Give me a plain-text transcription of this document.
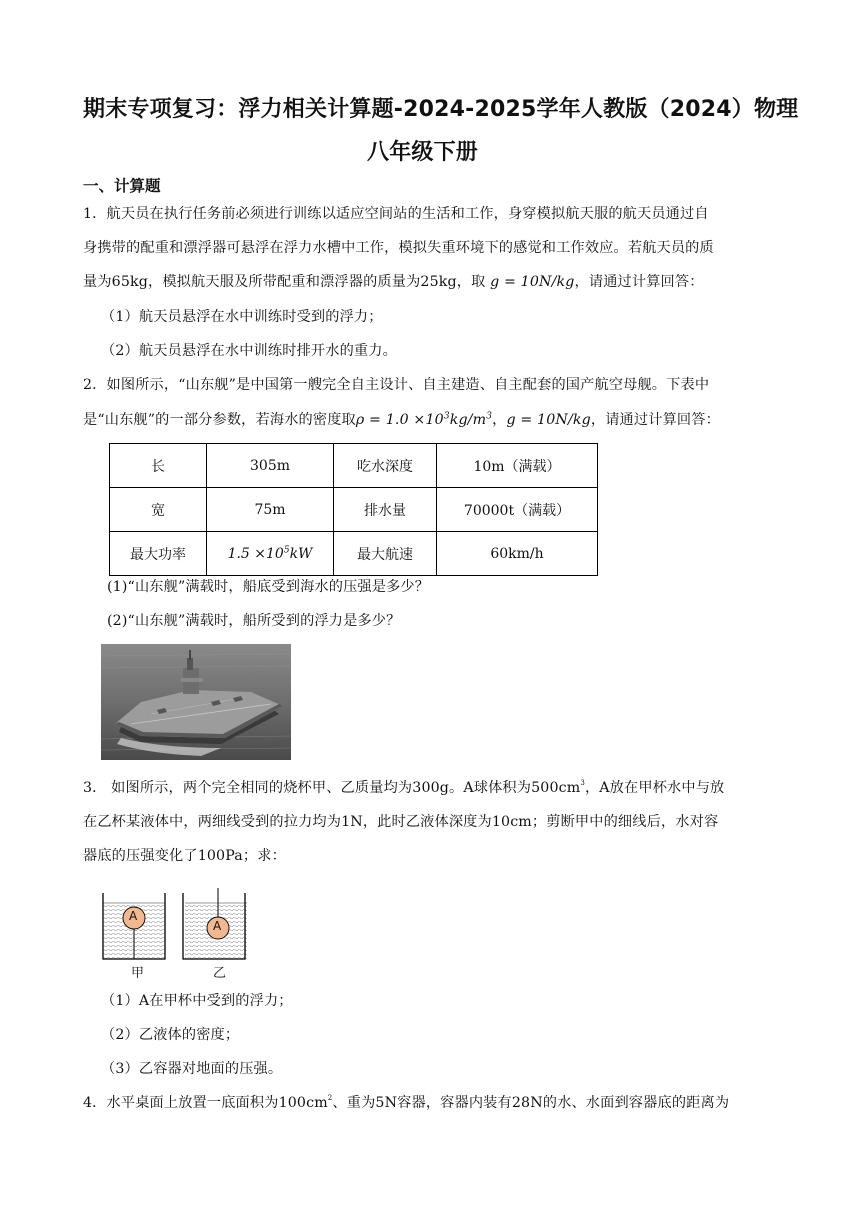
期末专项复习：浮力相关计算题-2024-2025学年人教版（2024）物理
八年级下册
一、计算题
1．航天员在执行任务前必须进行训练以适应空间站的生活和工作，身穿模拟航天服的航天员通过自
身携带的配重和漂浮器可悬浮在浮力水槽中工作，模拟失重环境下的感觉和工作效应。若航天员的质
量为65kg，模拟航天服及所带配重和漂浮器的质量为25kg，取 g = 10N/kg，请通过计算回答：
（1）航天员悬浮在水中训练时受到的浮力；
（2）航天员悬浮在水中训练时排开水的重力。
2．如图所示，“山东舰”是中国第一艘完全自主设计、自主建造、自主配套的国产航空母舰。下表中
是“山东舰”的一部分参数，若海水的密度取$\rho = 1.0 \times 10^3kg/m^3$，g = 10N/kg，请通过计算回答：
长	305m	吃水深度	10m（满载）
宽	75m	排水量	70000t（满载）
最大功率	$1.5 \times 10^5kW$	最大航速	60km/h
(1)“山东舰”满载时，船底受到海水的压强是多少？
(2)“山东舰”满载时，船所受到的浮力是多少？
3． 如图所示，两个完全相同的烧杯甲、乙质量均为300g。A球体积为$500cm^3$，A放在甲杯水中与放
在乙杯某液体中，两细线受到的拉力均为1N，此时乙液体深度为10cm；剪断甲中的细线后，水对容
器底的压强变化了100Pa；求：
A
A
甲	乙
（1）A在甲杯中受到的浮力；
（2）乙液体的密度；
（3）乙容器对地面的压强。
4．水平桌面上放置一底面积为$100cm^2$、重为5N容器，容器内装有28N的水、水面到容器底的距离为
